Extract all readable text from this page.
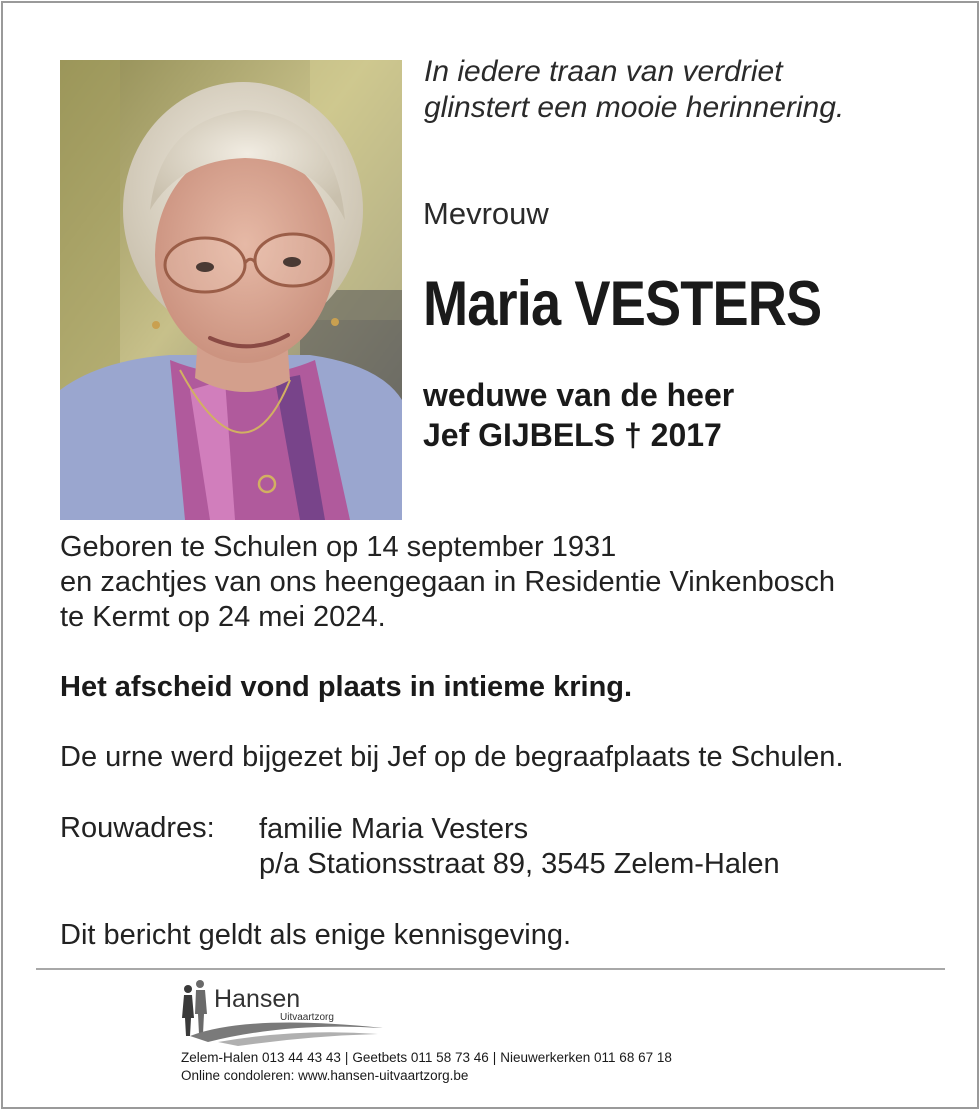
In iedere traan van verdriet
glinstert een mooie herinnering.
Mevrouw
Maria VESTERS
weduwe van de heer
Jef GIJBELS † 2017
Geboren te Schulen op 14 september 1931
en zachtjes van ons heengegaan in Residentie Vinkenbosch
te Kermt op 24 mei 2024.
Het afscheid vond plaats in intieme kring.
De urne werd bijgezet bij Jef op de begraafplaats te Schulen.
Rouwadres: familie Maria Vesters
p/a Stationsstraat 89, 3545 Zelem-Halen
Dit bericht geldt als enige kennisgeving.
Hansen
Uitvaartzorg
Zelem-Halen 013 44 43 43 | Geetbets 011 58 73 46 | Nieuwerkerken 011 68 67 18
Online condoleren: www.hansen-uitvaartzorg.be
